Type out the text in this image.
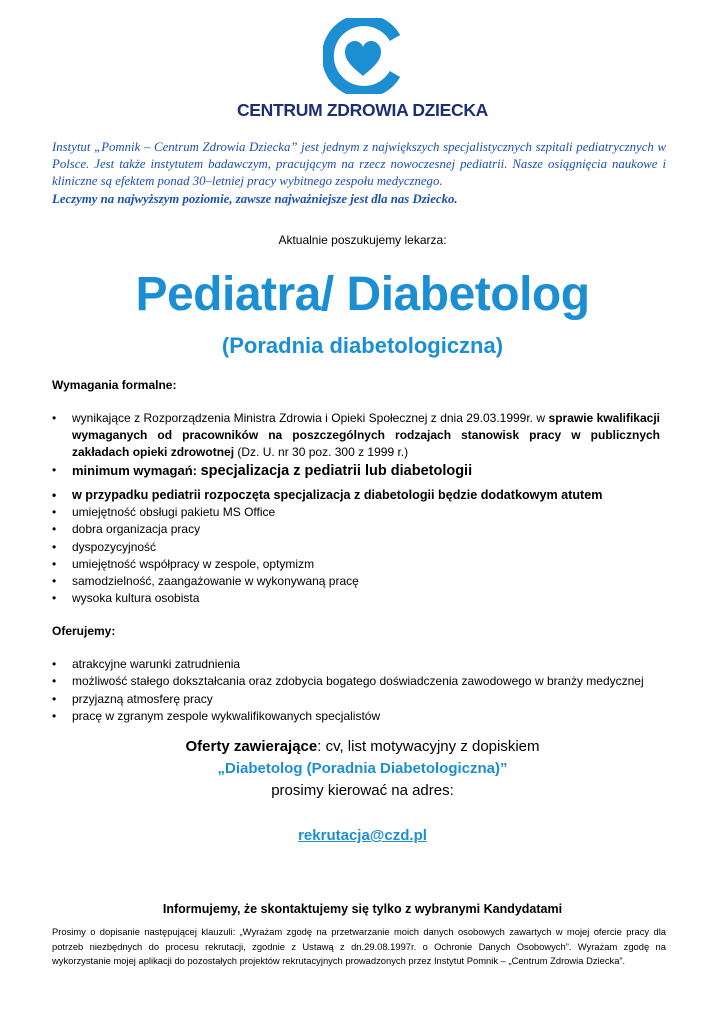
CENTRUM ZDROWIA DZIECKA

Instytut „Pomnik – Centrum Zdrowia Dziecka” jest jednym z największych specjalistycznych szpitali pediatrycznych w Polsce. Jest także instytutem badawczym, pracującym na rzecz nowoczesnej pediatrii. Nasze osiągnięcia naukowe i kliniczne są efektem ponad 30–letniej pracy wybitnego zespołu medycznego.

Leczymy na najwyższym poziomie, zawsze najważniejsze jest dla nas Dziecko.

Aktualnie poszukujemy lekarza:

Pediatra/ Diabetolog
(Poradnia diabetologiczna)

Wymagania formalne:

• wynikające z Rozporządzenia Ministra Zdrowia i Opieki Społecznej z dnia 29.03.1999r. w sprawie kwalifikacji wymaganych od pracowników na poszczególnych rodzajach stanowisk pracy w publicznych zakładach opieki zdrowotnej (Dz. U. nr 30 poz. 300 z 1999 r.)
• minimum wymagań: specjalizacja z pediatrii lub diabetologii
• w przypadku pediatrii rozpoczęta specjalizacja z diabetologii będzie dodatkowym atutem
• umiejętność obsługi pakietu MS Office
• dobra organizacja pracy
• dyspozycyjność
• umiejętność współpracy w zespole, optymizm
• samodzielność, zaangażowanie w wykonywaną pracę
• wysoka kultura osobista

Oferujemy:

• atrakcyjne warunki zatrudnienia
• możliwość stałego dokształcania oraz zdobycia bogatego doświadczenia zawodowego w branży medycznej
• przyjazną atmosferę pracy
• pracę w zgranym zespole wykwalifikowanych specjalistów

Oferty zawierające: cv, list motywacyjny z dopiskiem

„Diabetolog (Poradnia Diabetologiczna)”

prosimy kierować na adres:

rekrutacja@czd.pl

Informujemy, że skontaktujemy się tylko z wybranymi Kandydatami

Prosimy o dopisanie następującej klauzuli: „Wyrażam zgodę na przetwarzanie moich danych osobowych zawartych w mojej ofercie pracy dla potrzeb niezbędnych do procesu rekrutacji, zgodnie z Ustawą z dn.29.08.1997r. o Ochronie Danych Osobowych”. Wyrażam zgodę na wykorzystanie mojej aplikacji do pozostałych projektów rekrutacyjnych prowadzonych przez Instytut Pomnik – „Centrum Zdrowia Dziecka”.
